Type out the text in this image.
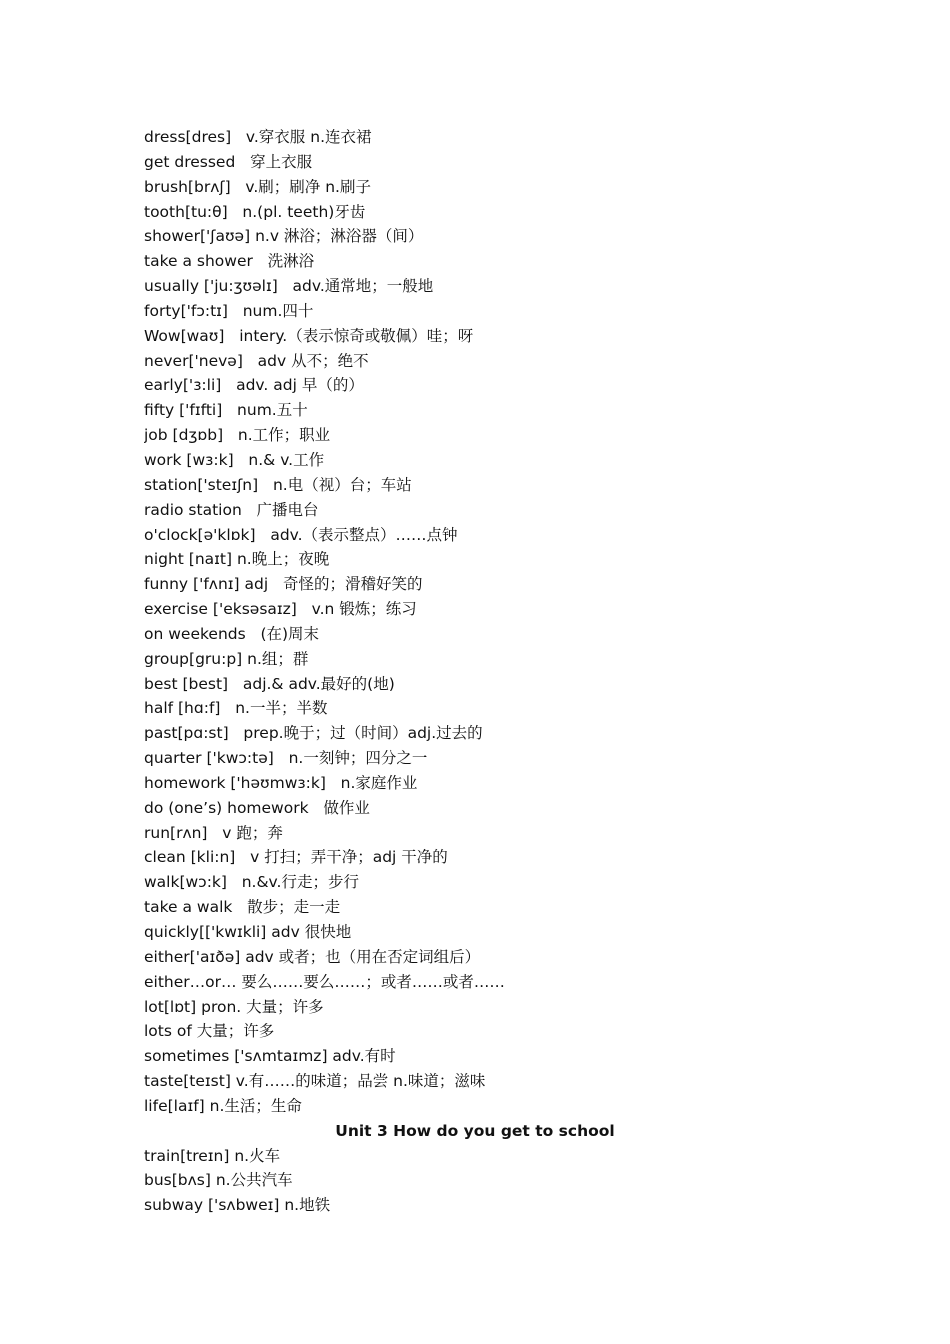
dress[dres]   v.穿衣服 n.连衣裙
get dressed   穿上衣服
brush[brʌʃ]   v.刷；刷净 n.刷子
tooth[tu:θ]   n.(pl. teeth)牙齿
shower['ʃaʊə] n.v 淋浴；淋浴器（间）
take a shower   洗淋浴
usually ['ju:ʒʊəlɪ]   adv.通常地；一般地
forty['fɔ:tɪ]   num.四十
Wow[waʊ]   intery.（表示惊奇或敬佩）哇；呀
never['nevə]   adv 从不；绝不
early['ɜ:li]   adv. adj 早（的）
fifty ['fɪfti]   num.五十
job [dʒɒb]   n.工作；职业
work [wɜ:k]   n.& v.工作
station['steɪʃn]   n.电（视）台；车站
radio station   广播电台
o'clock[ə'klɒk]   adv.（表示整点）……点钟
night [naɪt] n.晚上；夜晚
funny ['fʌnɪ] adj   奇怪的；滑稽好笑的
exercise ['eksəsaɪz]   v.n 锻炼；练习
on weekends   (在)周末
group[gru:p] n.组；群
best [best]   adj.& adv.最好的(地)
half [hɑ:f]   n.一半；半数
past[pɑ:st]   prep.晚于；过（时间）adj.过去的
quarter ['kwɔ:tə]   n.一刻钟；四分之一
homework ['həʊmwɜ:k]   n.家庭作业
do (one’s) homework   做作业
run[rʌn]   v 跑；奔
clean [kli:n]   v 打扫；弄干净；adj 干净的
walk[wɔ:k]   n.&v.行走；步行
take a walk   散步；走一走
quickly[['kwɪkli] adv 很快地
either['aɪðə] adv 或者；也（用在否定词组后）
either…or… 要么……要么……；或者……或者……
lot[lɒt] pron. 大量；许多
lots of 大量；许多
sometimes ['sʌmtaɪmz] adv.有时
taste[teɪst] v.有……的味道；品尝 n.味道；滋味
life[laɪf] n.生活；生命
Unit 3 How do you get to school
train[treɪn] n.火车
bus[bʌs] n.公共汽车
subway ['sʌbweɪ] n.地铁
